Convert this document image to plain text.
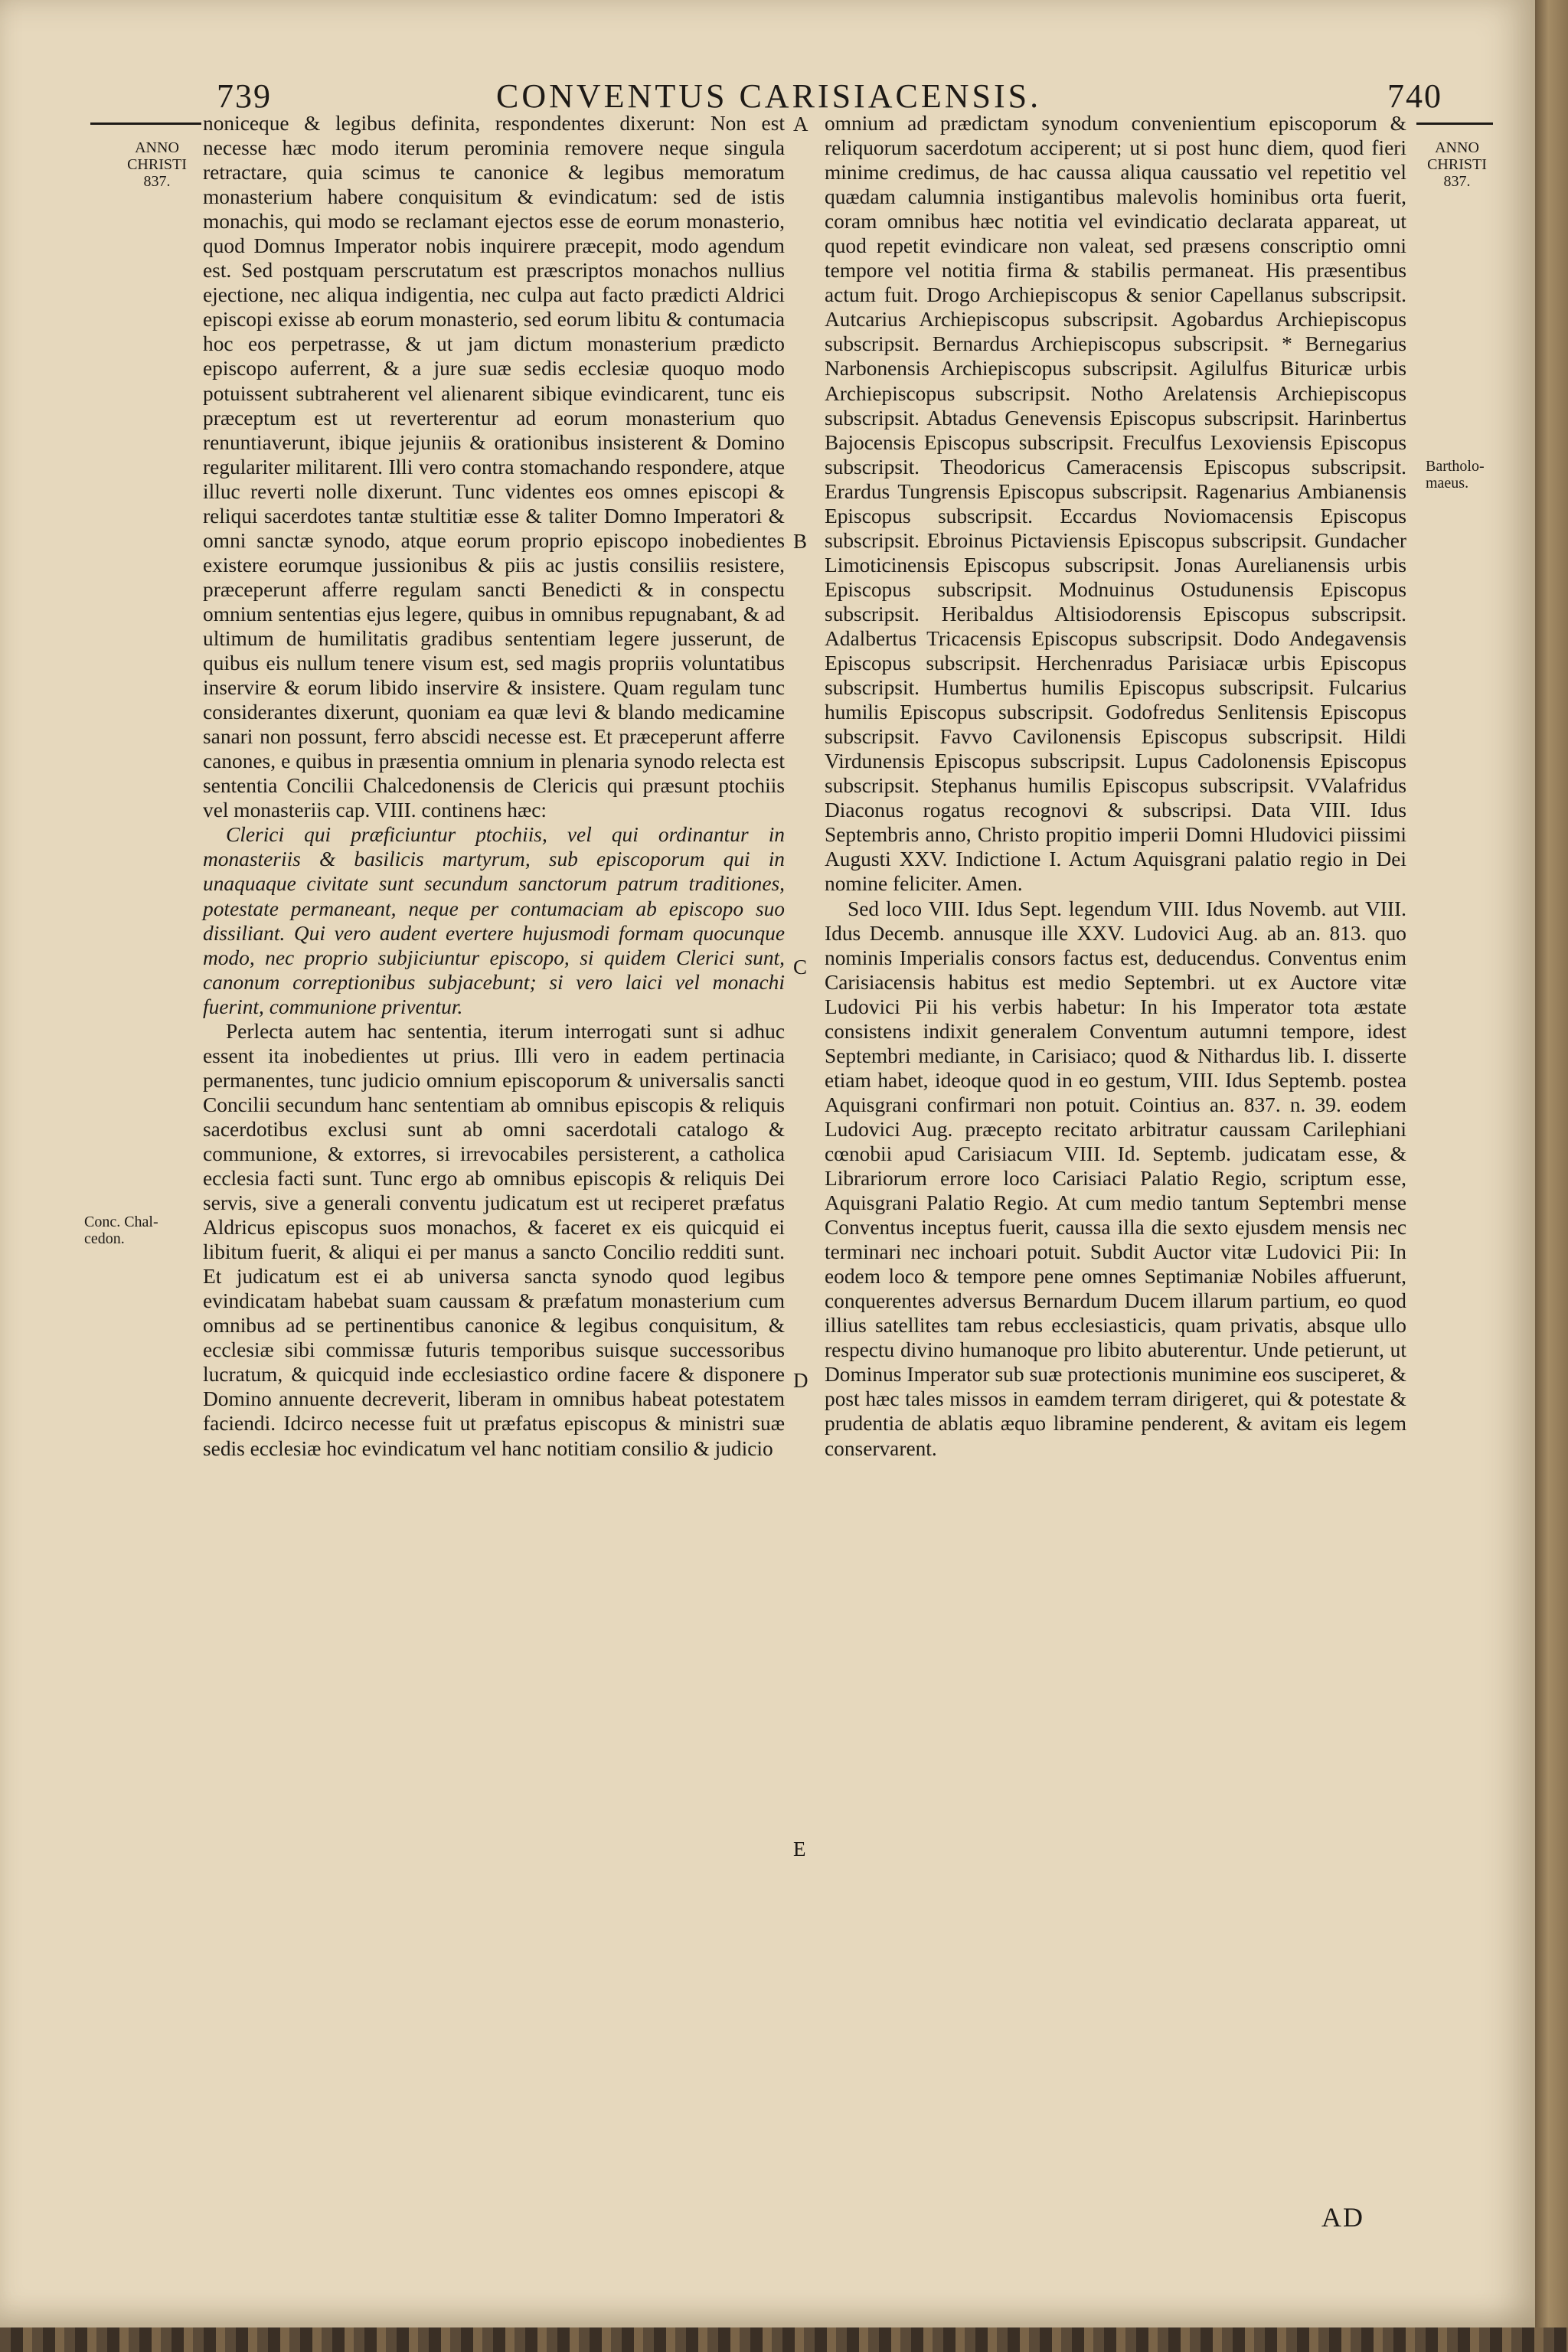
739	CONVENTUS CARISIACENSIS.	740
ANNO
CHRISTI
837.
ANNO
CHRISTI
837.
Conc. Chal-
cedon.
Bartholo-
maeus.
A
B
C
D
E

noniceque & legibus definita, respondentes dixerunt: Non est necesse hæc modo iterum perominia removere neque singula retractare, quia scimus te canonice & legibus memoratum monasterium habere conquisitum & evindicatum: sed de istis monachis, qui modo se reclamant ejectos esse de eorum monasterio, quod Domnus Imperator nobis inquirere præcepit, modo agendum est. Sed postquam perscrutatum est præscriptos monachos nullius ejectione, nec aliqua indigentia, nec culpa aut facto prædicti Aldrici episcopi exisse ab eorum monasterio, sed eorum libitu & contumacia hoc eos perpetrasse, & ut jam dictum monasterium prædicto episcopo auferrent, & a jure suæ sedis ecclesiæ quoquo modo potuissent subtraherent vel alienarent sibique evindicarent, tunc eis præceptum est ut reverterentur ad eorum monasterium quo renuntiaverunt, ibique jejuniis & orationibus insisterent & Domino regulariter militarent. Illi vero contra stomachando respondere, atque illuc reverti nolle dixerunt. Tunc videntes eos omnes episcopi & reliqui sacerdotes tantæ stultitiæ esse & taliter Domno Imperatori & omni sanctæ synodo, atque eorum proprio episcopo inobedientes existere eorumque jussionibus & piis ac justis consiliis resistere, præceperunt afferre regulam sancti Benedicti & in conspectu omnium sententias ejus legere, quibus in omnibus repugnabant, & ad ultimum de humilitatis gradibus sententiam legere jusserunt, de quibus eis nullum tenere visum est, sed magis propriis voluntatibus inservire & eorum libido inservire & insistere. Quam regulam tunc considerantes dixerunt, quoniam ea quæ levi & blando medicamine sanari non possunt, ferro abscidi necesse est. Et præceperunt afferre canones, e quibus in præsentia omnium in plenaria synodo relecta est sententia Concilii Chalcedonensis de Clericis qui præsunt ptochiis vel monasteriis cap. VIII. continens hæc:

Clerici qui præficiuntur ptochiis, vel qui ordinantur in monasteriis & basilicis martyrum, sub episcoporum qui in unaquaque civitate sunt secundum sanctorum patrum traditiones, potestate permaneant, neque per contumaciam ab episcopo suo dissiliant. Qui vero audent evertere hujusmodi formam quocunque modo, nec proprio subjiciuntur episcopo, si quidem Clerici sunt, canonum correptionibus subjacebunt; si vero laici vel monachi fuerint, communione priventur.

Perlecta autem hac sententia, iterum interrogati sunt si adhuc essent ita inobedientes ut prius. Illi vero in eadem pertinacia permanentes, tunc judicio omnium episcoporum & universalis sancti Concilii secundum hanc sententiam ab omnibus episcopis & reliquis sacerdotibus exclusi sunt ab omni sacerdotali catalogo & communione, & extorres, si irrevocabiles persisterent, a catholica ecclesia facti sunt. Tunc ergo ab omnibus episcopis & reliquis Dei servis, sive a generali conventu judicatum est ut reciperet præfatus Aldricus episcopus suos monachos, & faceret ex eis quicquid ei libitum fuerit, & aliqui ei per manus a sancto Concilio redditi sunt. Et judicatum est ei ab universa sancta synodo quod legibus evindicatam habebat suam caussam & præfatum monasterium cum omnibus ad se pertinentibus canonice & legibus conquisitum, & ecclesiæ sibi commissæ futuris temporibus suisque successoribus lucratum, & quicquid inde ecclesiastico ordine facere & disponere Domino annuente decreverit, liberam in omnibus habeat potestatem faciendi. Idcirco necesse fuit ut præfatus episcopus & ministri suæ sedis ecclesiæ hoc evindicatum vel hanc notitiam consilio & judicio

omnium ad prædictam synodum convenientium episcoporum & reliquorum sacerdotum acciperent; ut si post hunc diem, quod fieri minime credimus, de hac caussa aliqua caussatio vel repetitio vel quædam calumnia instigantibus malevolis hominibus orta fuerit, coram omnibus hæc notitia vel evindicatio declarata appareat, ut quod repetit evindicare non valeat, sed præsens conscriptio omni tempore vel notitia firma & stabilis permaneat. His præsentibus actum fuit. Drogo Archiepiscopus & senior Capellanus subscripsit. Autcarius Archiepiscopus subscripsit. Agobardus Archiepiscopus subscripsit. Bernardus Archiepiscopus subscripsit. * Bernegarius Narbonensis Archiepiscopus subscripsit. Agilulfus Bituricæ urbis Archiepiscopus subscripsit. Notho Arelatensis Archiepiscopus subscripsit. Abtadus Genevensis Episcopus subscripsit. Harinbertus Bajocensis Episcopus subscripsit. Freculfus Lexoviensis Episcopus subscripsit. Theodoricus Cameracensis Episcopus subscripsit. Erardus Tungrensis Episcopus subscripsit. Ragenarius Ambianensis Episcopus subscripsit. Eccardus Noviomacensis Episcopus subscripsit. Ebroinus Pictaviensis Episcopus subscripsit. Gundacher Limoticinensis Episcopus subscripsit. Jonas Aurelianensis urbis Episcopus subscripsit. Modnuinus Ostudunensis Episcopus subscripsit. Heribaldus Altisiodorensis Episcopus subscripsit. Adalbertus Tricacensis Episcopus subscripsit. Dodo Andegavensis Episcopus subscripsit. Herchenradus Parisiacæ urbis Episcopus subscripsit. Humbertus humilis Episcopus subscripsit. Fulcarius humilis Episcopus subscripsit. Godofredus Senlitensis Episcopus subscripsit. Favvo Cavilonensis Episcopus subscripsit. Hildi Virdunensis Episcopus subscripsit. Lupus Cadolonensis Episcopus subscripsit. Stephanus humilis Episcopus subscripsit. VValafridus Diaconus rogatus recognovi & subscripsi. Data VIII. Idus Septembris anno, Christo propitio imperii Domni Hludovici piissimi Augusti XXV. Indictione I. Actum Aquisgrani palatio regio in Dei nomine feliciter. Amen.

Sed loco VIII. Idus Sept. legendum VIII. Idus Novemb. aut VIII. Idus Decemb. annusque ille XXV. Ludovici Aug. ab an. 813. quo nominis Imperialis consors factus est, deducendus. Conventus enim Carisiacensis habitus est medio Septembri. ut ex Auctore vitæ Ludovici Pii his verbis habetur: In his Imperator tota æstate consistens indixit generalem Conventum autumni tempore, idest Septembri mediante, in Carisiaco; quod & Nithardus lib. I. disserte etiam habet, ideoque quod in eo gestum, VIII. Idus Septemb. postea Aquisgrani confirmari non potuit. Cointius an. 837. n. 39. eodem Ludovici Aug. præcepto recitato arbitratur caussam Carilephiani cœnobii apud Carisiacum VIII. Id. Septemb. judicatam esse, & Librariorum errore loco Carisiaci Palatio Regio, scriptum esse, Aquisgrani Palatio Regio. At cum medio tantum Septembri mense Conventus inceptus fuerit, caussa illa die sexto ejusdem mensis nec terminari nec inchoari potuit. Subdit Auctor vitæ Ludovici Pii: In eodem loco & tempore pene omnes Septimaniæ Nobiles affuerunt, conquerentes adversus Bernardum Ducem illarum partium, eo quod illius satellites tam rebus ecclesiasticis, quam privatis, absque ullo respectu divino humanoque pro libito abuterentur. Unde petierunt, ut Dominus Imperator sub suæ protectionis munimine eos susciperet, & post hæc tales missos in eamdem terram dirigeret, qui & potestate & prudentia de ablatis æquo libramine penderent, & avitam eis legem conservarent.

AD
